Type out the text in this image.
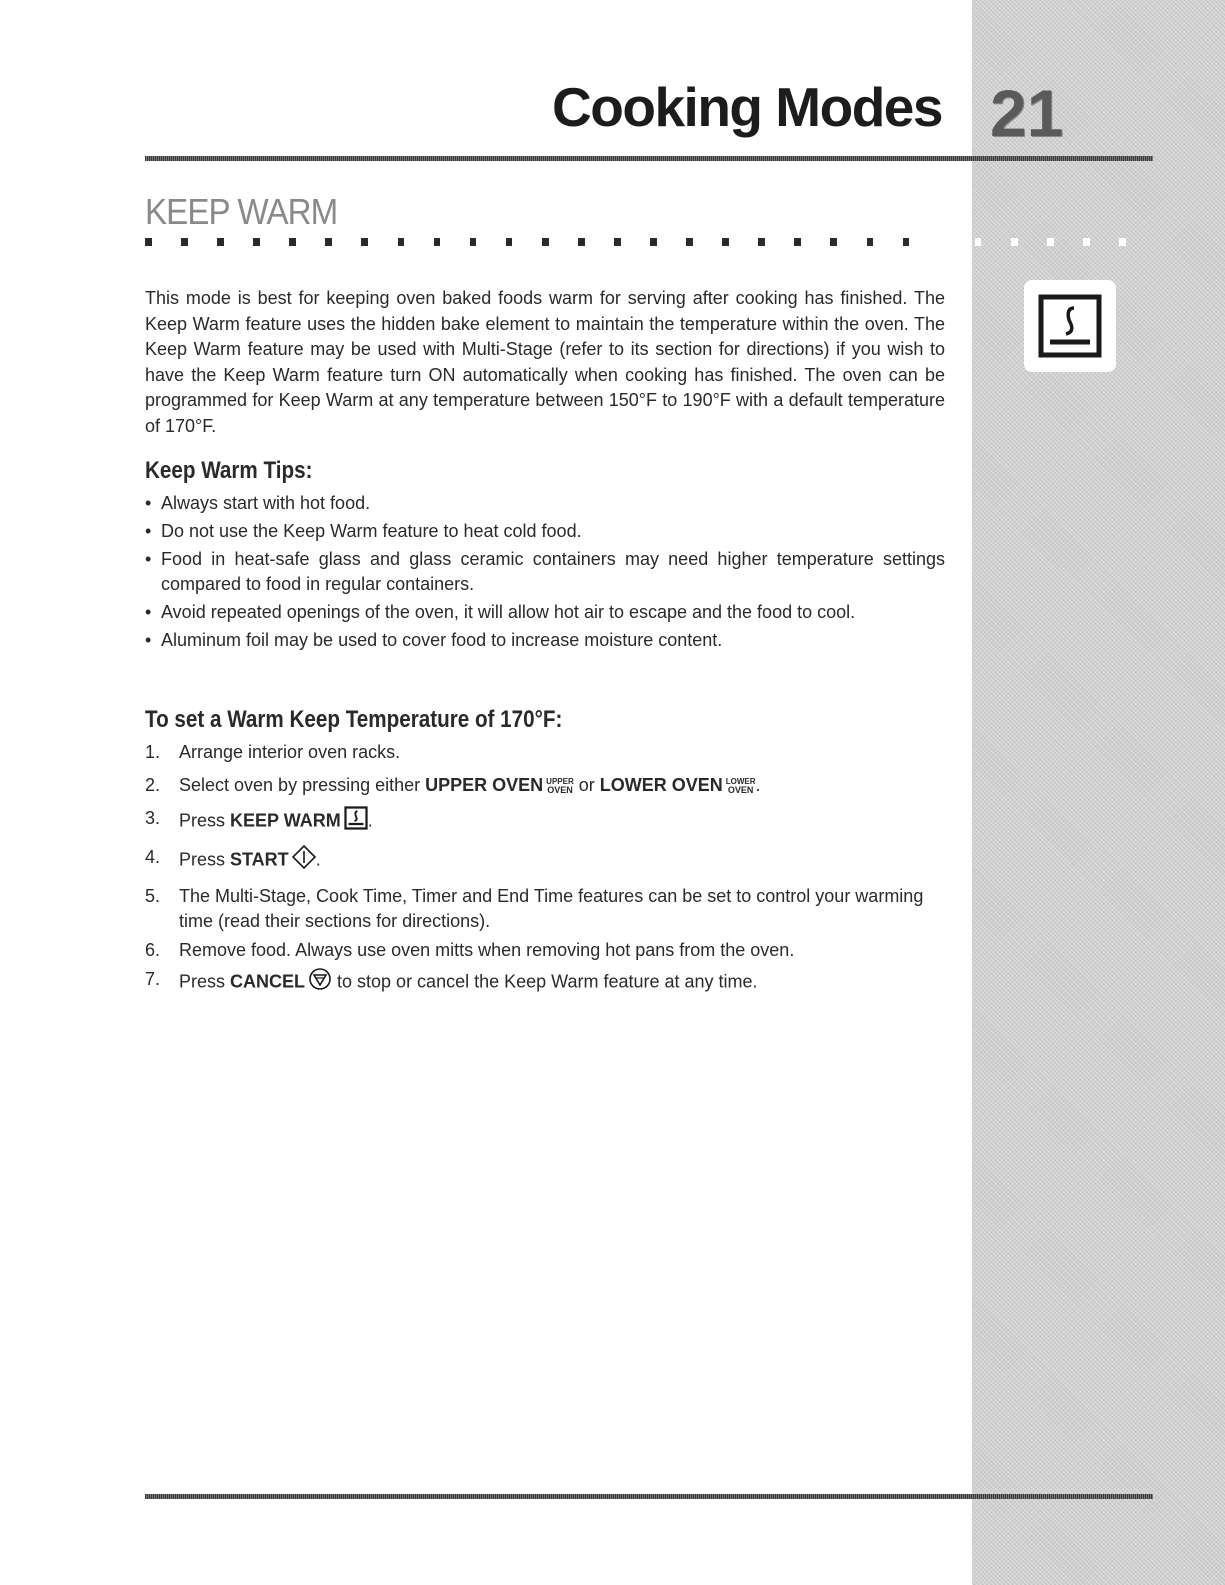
Cooking Modes 21
KEEP WARM

This mode is best for keeping oven baked foods warm for serving after cooking has finished. The Keep Warm feature uses the hidden bake element to maintain the temperature within the oven. The Keep Warm feature may be used with Multi-Stage (refer to its section for directions) if you wish to have the Keep Warm feature turn ON automatically when cooking has finished. The oven can be programmed for Keep Warm at any temperature between 150°F to 190°F with a default temperature of 170°F.

Keep Warm Tips:
• Always start with hot food.
• Do not use the Keep Warm feature to heat cold food.
• Food in heat-safe glass and glass ceramic containers may need higher temperature settings compared to food in regular containers.
• Avoid repeated openings of the oven, it will allow hot air to escape and the food to cool.
• Aluminum foil may be used to cover food to increase moisture content.
To set a Warm Keep Temperature of 170°F:
1. Arrange interior oven racks.
2. Select oven by pressing either UPPER OVEN UPPER
OVEN or LOWER OVEN LOWER
OVEN .
3. Press KEEP WARM .
4. Press START .
5. The Multi-Stage, Cook Time, Timer and End Time features can be set to control your warming time (read their sections for directions).
6. Remove food. Always use oven mitts when removing hot pans from the oven.
7. Press CANCEL to stop or cancel the Keep Warm feature at any time.
